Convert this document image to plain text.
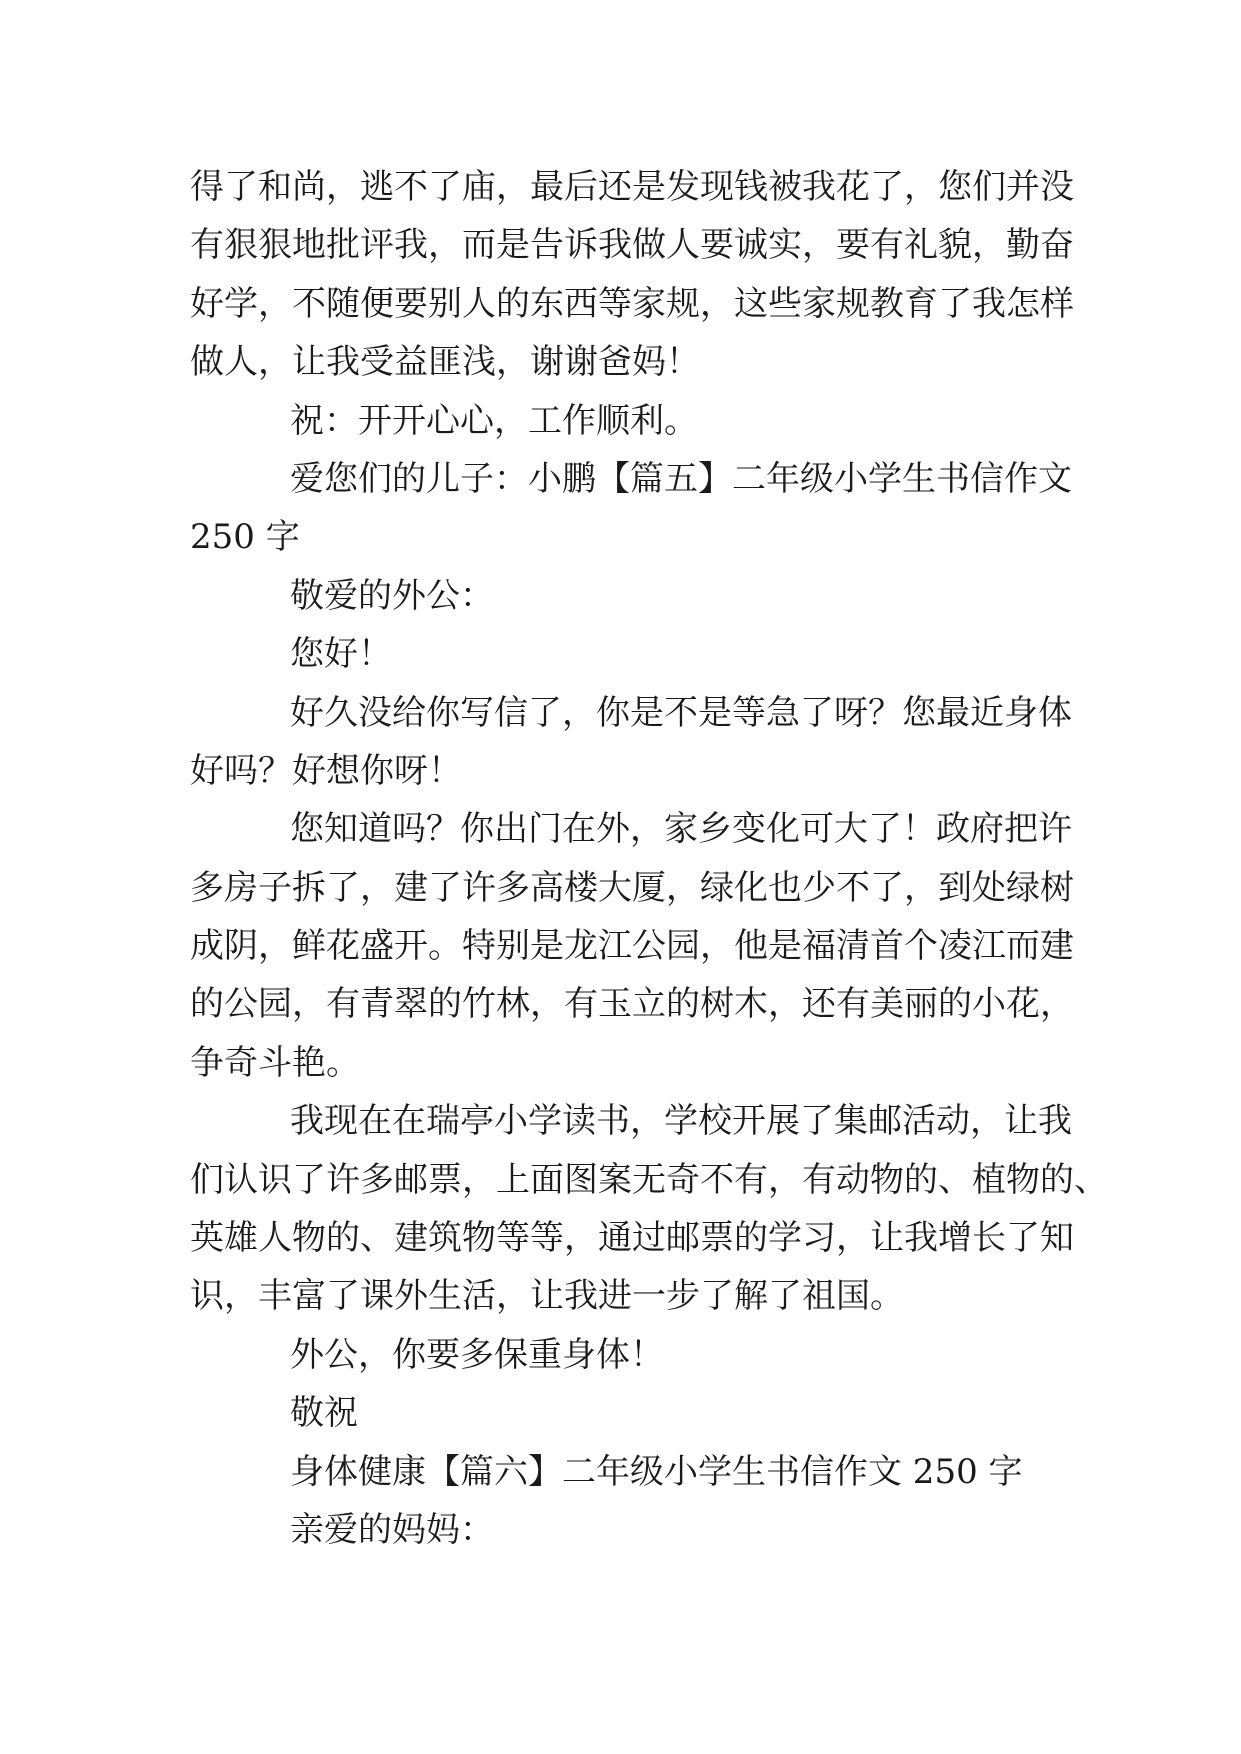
得了和尚，逃不了庙，最后还是发现钱被我花了，您们并没
有狠狠地批评我，而是告诉我做人要诚实，要有礼貌，勤奋
好学，不随便要别人的东西等家规，这些家规教育了我怎样
做人，让我受益匪浅，谢谢爸妈！
祝：开开心心，工作顺利。
爱您们的儿子：小鹏【篇五】二年级小学生书信作文
250 字
敬爱的外公：
您好！
好久没给你写信了，你是不是等急了呀？您最近身体
好吗？好想你呀！
您知道吗？你出门在外，家乡变化可大了！政府把许
多房子拆了，建了许多高楼大厦，绿化也少不了，到处绿树
成阴，鲜花盛开。特别是龙江公园，他是福清首个凌江而建
的公园，有青翠的竹林，有玉立的树木，还有美丽的小花，
争奇斗艳。
我现在在瑞亭小学读书，学校开展了集邮活动，让我
们认识了许多邮票，上面图案无奇不有，有动物的、植物的、
英雄人物的、建筑物等等，通过邮票的学习，让我增长了知
识，丰富了课外生活，让我进一步了解了祖国。
外公，你要多保重身体！
敬祝
身体健康【篇六】二年级小学生书信作文 250 字
亲爱的妈妈：
